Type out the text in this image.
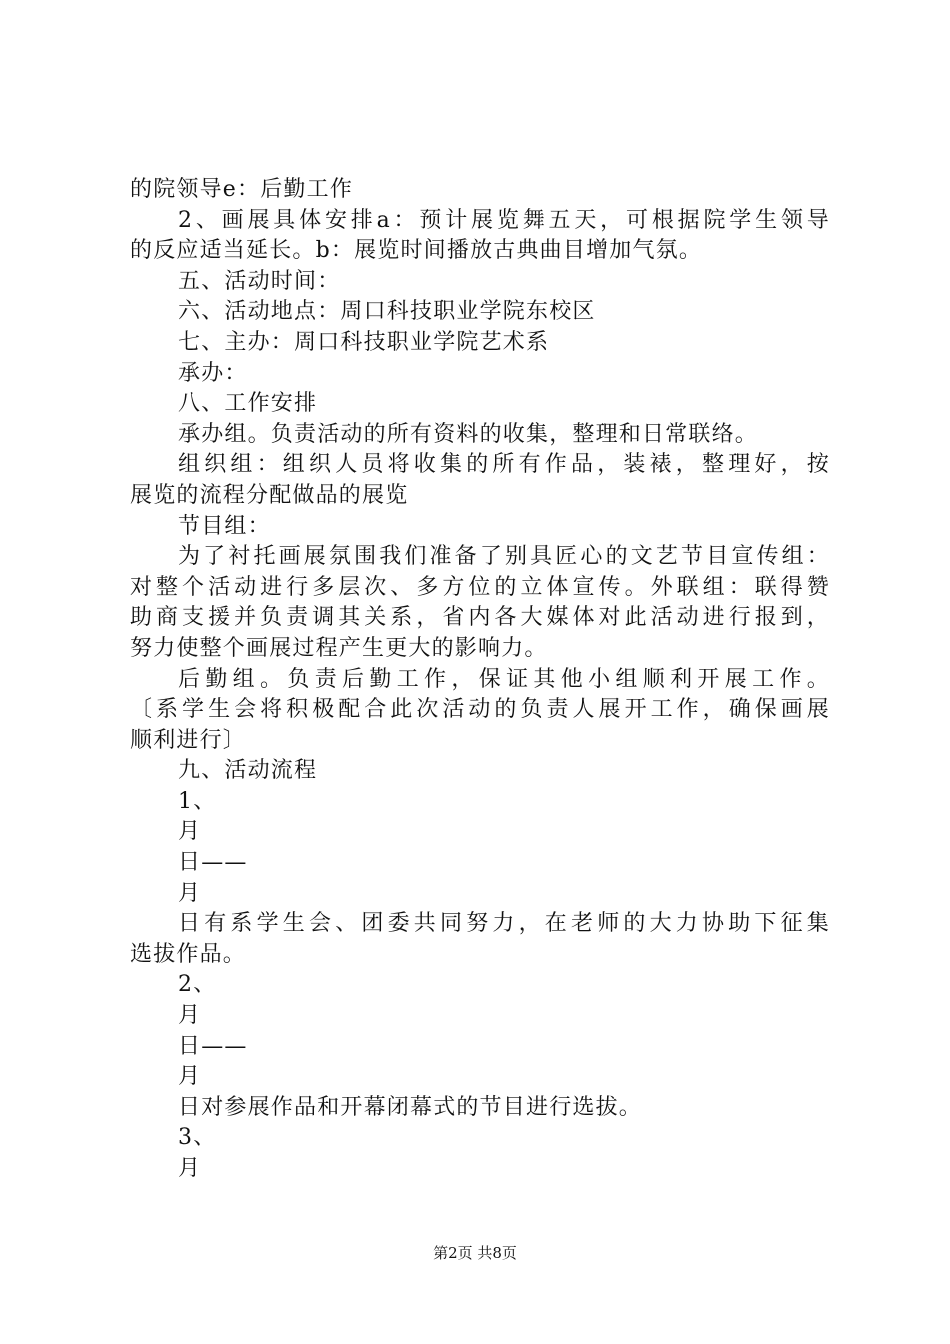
的院领导e：后勤工作
2、画展具体安排a：预计展览舞五天，可根据院学生领导
的反应适当延长。b：展览时间播放古典曲目增加气氛。
五、活动时间：
六、活动地点：周口科技职业学院东校区
七、主办：周口科技职业学院艺术系
承办：
八、工作安排
承办组。负责活动的所有资料的收集，整理和日常联络。
组织组：组织人员将收集的所有作品，装裱，整理好，按
展览的流程分配做品的展览
节目组：
为了衬托画展氛围我们准备了别具匠心的文艺节目宣传组：
对整个活动进行多层次、多方位的立体宣传。外联组：联得赞
助商支援并负责调其关系，省内各大媒体对此活动进行报到，
努力使整个画展过程产生更大的影响力。
后勤组。负责后勤工作，保证其他小组顺利开展工作。
〔系学生会将积极配合此次活动的负责人展开工作，确保画展
顺利进行〕
九、活动流程
1、
月
日——
月
日有系学生会、团委共同努力，在老师的大力协助下征集
选拔作品。
2、
月
日——
月
日对参展作品和开幕闭幕式的节目进行选拔。
3、
月
第2页 共8页
